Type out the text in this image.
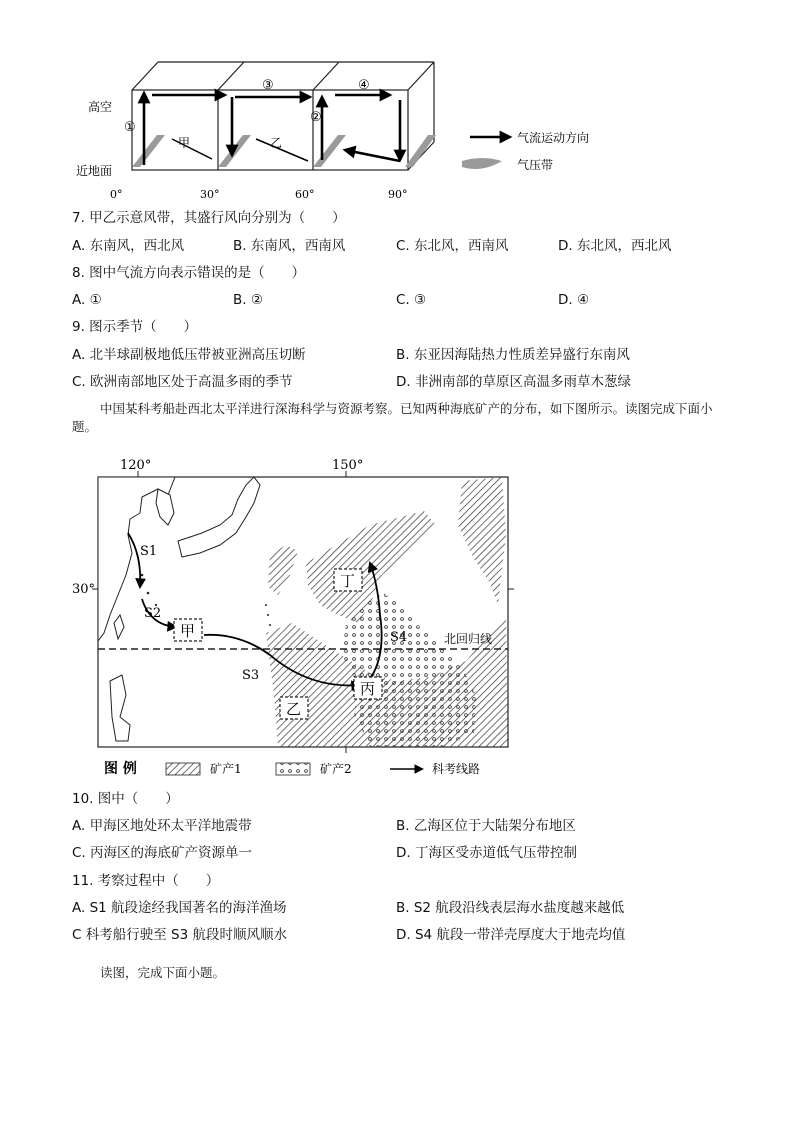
高空
近地面
0°	30°	60°	90°
①
②
③	④
甲	乙	气流运动方向
气压带
7. 甲乙示意风带，其盛行风向分别为（　　）
A. 东南风，西北风	B. 东南风，西南风	C. 东北风，西南风	D. 东北风，西北风
8. 图中气流方向表示错误的是（　　）
A. ①	B. ②	C. ③	D. ④
9. 图示季节（　　）
A. 北半球副极地低压带被亚洲高压切断	B. 东亚因海陆热力性质差异盛行东南风
C. 欧洲南部地区处于高温多雨的季节	D. 非洲南部的草原区高温多雨草木葱绿
中国某科考船赴西北太平洋进行深海科学与资源考察。已知两种海底矿产的分布，如下图所示。读图完成下面小题。
120°	150°
30°
北回归线
S1
S2
S3
S4
甲
乙
丙
丁
图 例	矿产1	矿产2	科考线路
10. 图中（　　）
A. 甲海区地处环太平洋地震带	B. 乙海区位于大陆架分布地区
C. 丙海区的海底矿产资源单一	D. 丁海区受赤道低气压带控制
11. 考察过程中（　　）
A. S1 航段途经我国著名的海洋渔场	B. S2 航段沿线表层海水盐度越来越低
C 科考船行驶至 S3 航段时顺风顺水	D. S4 航段一带洋壳厚度大于地壳均值
读图，完成下面小题。
